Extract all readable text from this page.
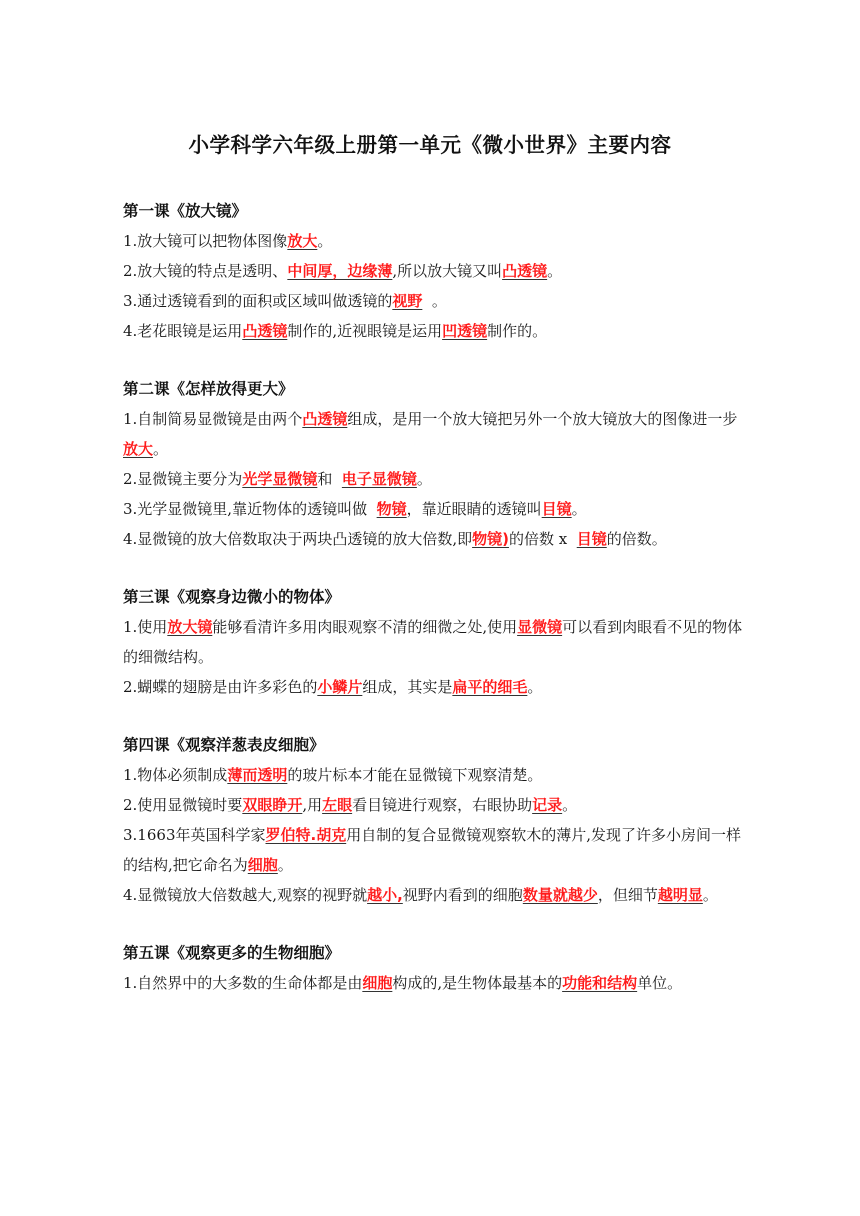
小学科学六年级上册第一单元《微小世界》主要内容
第一课《放大镜》
1.放大镜可以把物体图像放大。
2.放大镜的特点是透明、中间厚，边缘薄,所以放大镜又叫凸透镜。
3.通过透镜看到的面积或区域叫做透镜的视野  。
4.老花眼镜是运用凸透镜制作的,近视眼镜是运用凹透镜制作的。
第二课《怎样放得更大》
1.自制简易显微镜是由两个凸透镜组成，是用一个放大镜把另外一个放大镜放大的图像进一步放大。
2.显微镜主要分为光学显微镜和  电子显微镜。
3.光学显微镜里,靠近物体的透镜叫做  物镜，靠近眼睛的透镜叫目镜。
4.显微镜的放大倍数取决于两块凸透镜的放大倍数,即物镜)的倍数 x  目镜的倍数。
第三课《观察身边微小的物体》
1.使用放大镜能够看清许多用肉眼观察不清的细微之处,使用显微镜可以看到肉眼看不见的物体的细微结构。
2.蝴蝶的翅膀是由许多彩色的小鳞片组成，其实是扁平的细毛。
第四课《观察洋葱表皮细胞》
1.物体必须制成薄而透明的玻片标本才能在显微镜下观察清楚。
2.使用显微镜时要双眼睁开,用左眼看目镜进行观察，右眼协助记录。
3.1663年英国科学家罗伯特.胡克用自制的复合显微镜观察软木的薄片,发现了许多小房间一样的结构,把它命名为细胞。
4.显微镜放大倍数越大,观察的视野就越小,视野内看到的细胞数量就越少，但细节越明显。
第五课《观察更多的生物细胞》
1.自然界中的大多数的生命体都是由细胞构成的,是生物体最基本的功能和结构单位。
